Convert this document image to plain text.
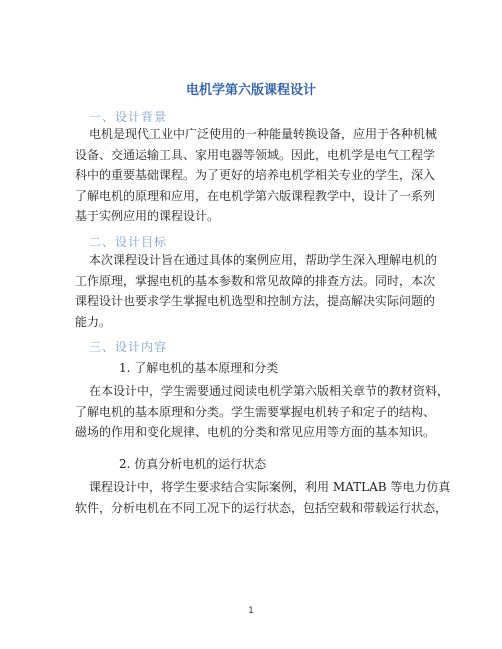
电机学第六版课程设计
一、设计背景
电机是现代工业中广泛使用的一种能量转换设备，应用于各种机械
设备、交通运输工具、家用电器等领域。因此，电机学是电气工程学
科中的重要基础课程。为了更好的培养电机学相关专业的学生，深入
了解电机的原理和应用，在电机学第六版课程教学中，设计了一系列
基于实例应用的课程设计。
二、设计目标
本次课程设计旨在通过具体的案例应用，帮助学生深入理解电机的
工作原理，掌握电机的基本参数和常见故障的排查方法。同时，本次
课程设计也要求学生掌握电机选型和控制方法，提高解决实际问题的
能力。
三、设计内容
1. 了解电机的基本原理和分类
在本设计中，学生需要通过阅读电机学第六版相关章节的教材资料，
了解电机的基本原理和分类。学生需要掌握电机转子和定子的结构、
磁场的作用和变化规律、电机的分类和常见应用等方面的基本知识。
2. 仿真分析电机的运行状态
课程设计中，将学生要求结合实际案例，利用 MATLAB 等电力仿真
软件，分析电机在不同工况下的运行状态，包括空载和带载运行状态，
1
